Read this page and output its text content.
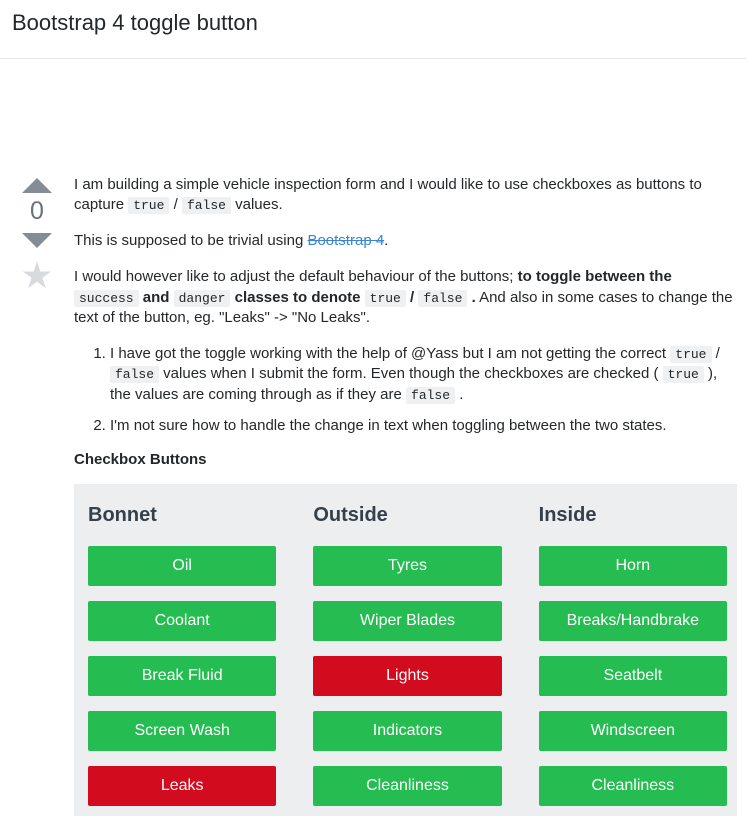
Bootstrap 4 toggle button
0
★

I am building a simple vehicle inspection form and I would like to use checkboxes as buttons to capture true / false values.

This is supposed to be trivial using Bootstrap 4.

I would however like to adjust the default behaviour of the buttons; to toggle between the success and danger classes to denote true / false . And also in some cases to change the text of the button, eg. "Leaks" -> "No Leaks".

1. I have got the toggle working with the help of @Yass but I am not getting the correct true / false values when I submit the form. Even though the checkboxes are checked ( true ), the values are coming through as if they are false .
2. I'm not sure how to handle the change in text when toggling between the two states.
Checkbox Buttons
Bonnet
Oil
Coolant
Break Fluid
Screen Wash
Leaks
Outside
Tyres
Wiper Blades
Lights
Indicators
Cleanliness
Inside
Horn
Breaks/Handbrake
Seatbelt
Windscreen
Cleanliness
